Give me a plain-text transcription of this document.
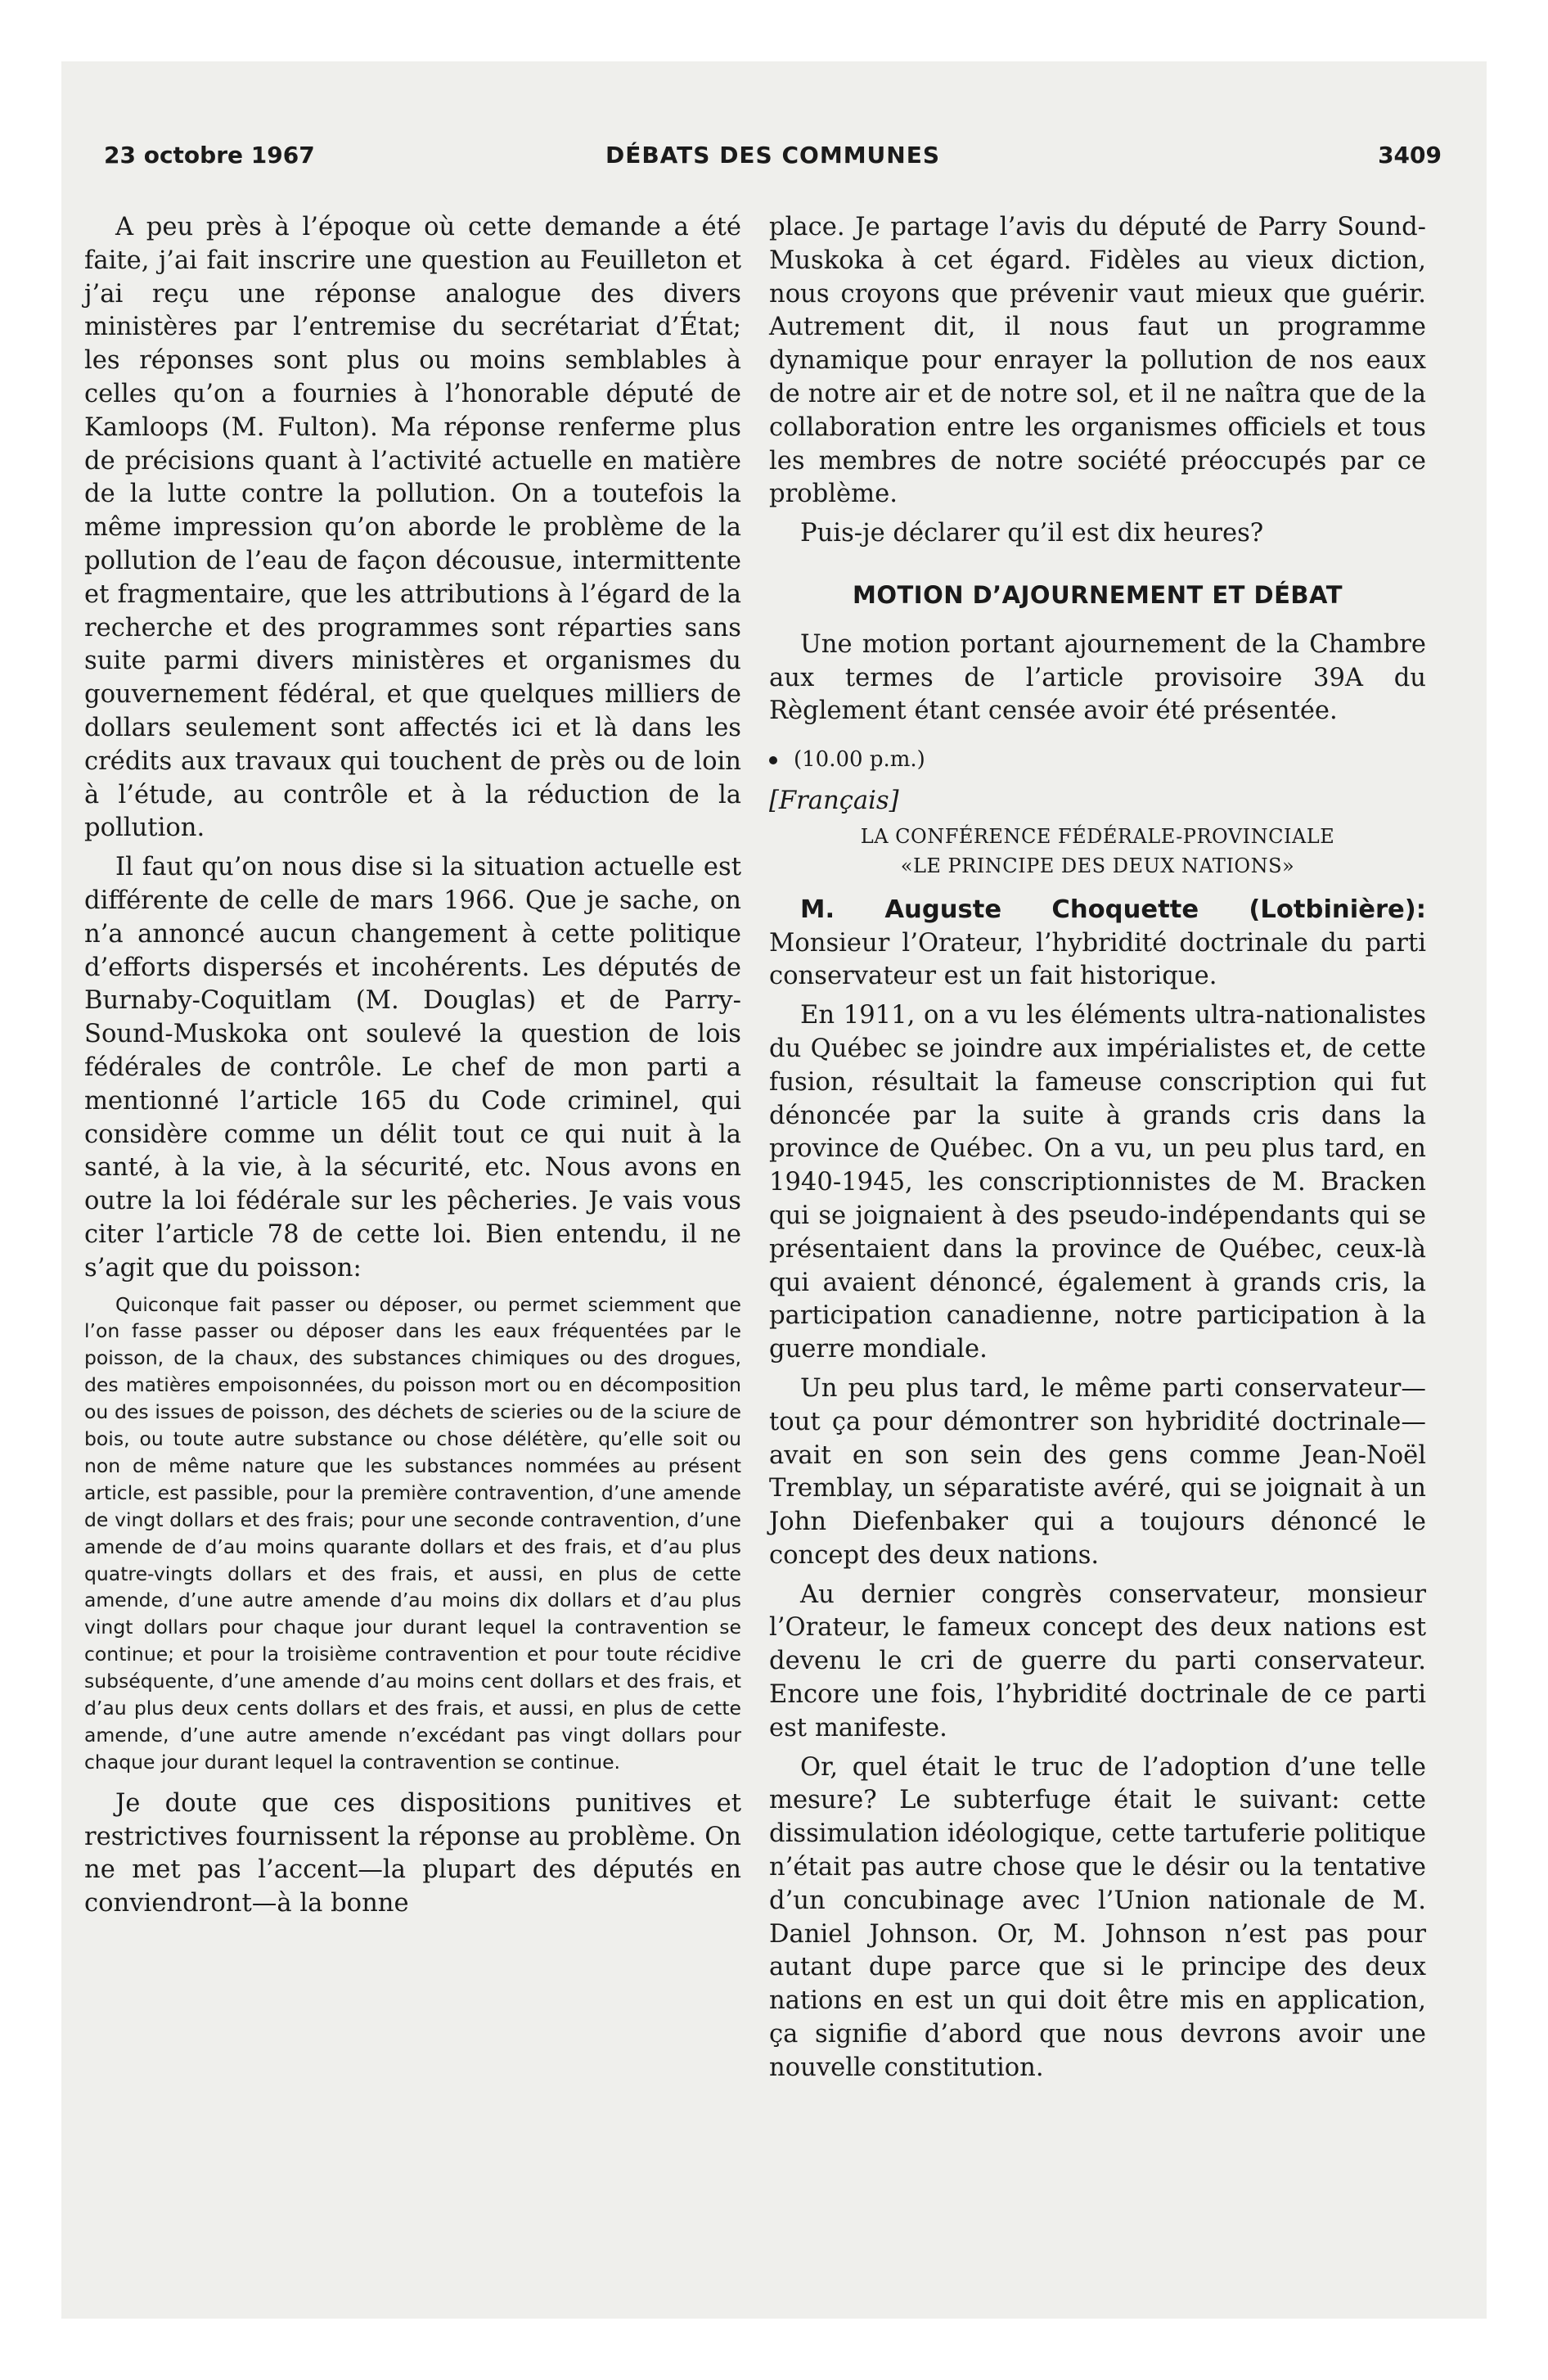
23 octobre 1967	DÉBATS DES COMMUNES	3409

A peu près à l’époque où cette demande a été faite, j’ai fait inscrire une question au Feuilleton et j’ai reçu une réponse analogue des divers ministères par l’entremise du secrétariat d’État; les réponses sont plus ou moins semblables à celles qu’on a fournies à l’honorable député de Kamloops (M. Fulton). Ma réponse renferme plus de précisions quant à l’activité actuelle en matière de la lutte contre la pollution. On a toutefois la même impression qu’on aborde le problème de la pollution de l’eau de façon décousue, intermittente et fragmentaire, que les attributions à l’égard de la recherche et des programmes sont réparties sans suite parmi divers ministères et organismes du gouvernement fédéral, et que quelques milliers de dollars seulement sont affectés ici et là dans les crédits aux travaux qui touchent de près ou de loin à l’étude, au contrôle et à la réduction de la pollution.

Il faut qu’on nous dise si la situation actuelle est différente de celle de mars 1966. Que je sache, on n’a annoncé aucun changement à cette politique d’efforts dispersés et incohérents. Les députés de Burnaby-Coquitlam (M. Douglas) et de Parry-Sound-Muskoka ont soulevé la question de lois fédérales de contrôle. Le chef de mon parti a mentionné l’article 165 du Code criminel, qui considère comme un délit tout ce qui nuit à la santé, à la vie, à la sécurité, etc. Nous avons en outre la loi fédérale sur les pêcheries. Je vais vous citer l’article 78 de cette loi. Bien entendu, il ne s’agit que du poisson:

Quiconque fait passer ou déposer, ou permet sciemment que l’on fasse passer ou déposer dans les eaux fréquentées par le poisson, de la chaux, des substances chimiques ou des drogues, des matières empoisonnées, du poisson mort ou en décomposition ou des issues de poisson, des déchets de scieries ou de la sciure de bois, ou toute autre substance ou chose délétère, qu’elle soit ou non de même nature que les substances nommées au présent article, est passible, pour la première contravention, d’une amende de vingt dollars et des frais; pour une seconde contravention, d’une amende de d’au moins quarante dollars et des frais, et d’au plus quatre-vingts dollars et des frais, et aussi, en plus de cette amende, d’une autre amende d’au moins dix dollars et d’au plus vingt dollars pour chaque jour durant lequel la contravention se continue; et pour la troisième contravention et pour toute récidive subséquente, d’une amende d’au moins cent dollars et des frais, et d’au plus deux cents dollars et des frais, et aussi, en plus de cette amende, d’une autre amende n’excédant pas vingt dollars pour chaque jour durant lequel la contravention se continue.

Je doute que ces dispositions punitives et restrictives fournissent la réponse au problème. On ne met pas l’accent—la plupart des députés en conviendront—à la bonne

place. Je partage l’avis du député de Parry Sound-Muskoka à cet égard. Fidèles au vieux diction, nous croyons que prévenir vaut mieux que guérir. Autrement dit, il nous faut un programme dynamique pour enrayer la pollution de nos eaux de notre air et de notre sol, et il ne naîtra que de la collaboration entre les organismes officiels et tous les membres de notre société préoccupés par ce problème.

Puis-je déclarer qu’il est dix heures?

MOTION D’AJOURNEMENT ET DÉBAT

Une motion portant ajournement de la Chambre aux termes de l’article provisoire 39A du Règlement étant censée avoir été présentée.

(10.00 p.m.)
[Français]
LA CONFÉRENCE FÉDÉRALE-PROVINCIALE
«LE PRINCIPE DES DEUX NATIONS»

M. Auguste Choquette (Lotbinière): Monsieur l’Orateur, l’hybridité doctrinale du parti conservateur est un fait historique.

En 1911, on a vu les éléments ultra-nationalistes du Québec se joindre aux impérialistes et, de cette fusion, résultait la fameuse conscription qui fut dénoncée par la suite à grands cris dans la province de Québec. On a vu, un peu plus tard, en 1940-1945, les conscriptionnistes de M. Bracken qui se joignaient à des pseudo-indépendants qui se présentaient dans la province de Québec, ceux-là qui avaient dénoncé, également à grands cris, la participation canadienne, notre participation à la guerre mondiale.

Un peu plus tard, le même parti conservateur—tout ça pour démontrer son hybridité doctrinale—avait en son sein des gens comme Jean-Noël Tremblay, un séparatiste avéré, qui se joignait à un John Diefenbaker qui a toujours dénoncé le concept des deux nations.

Au dernier congrès conservateur, monsieur l’Orateur, le fameux concept des deux nations est devenu le cri de guerre du parti conservateur. Encore une fois, l’hybridité doctrinale de ce parti est manifeste.

Or, quel était le truc de l’adoption d’une telle mesure? Le subterfuge était le suivant: cette dissimulation idéologique, cette tartuferie politique n’était pas autre chose que le désir ou la tentative d’un concubinage avec l’Union nationale de M. Daniel Johnson. Or, M. Johnson n’est pas pour autant dupe parce que si le principe des deux nations en est un qui doit être mis en application, ça signifie d’abord que nous devrons avoir une nouvelle constitution.
